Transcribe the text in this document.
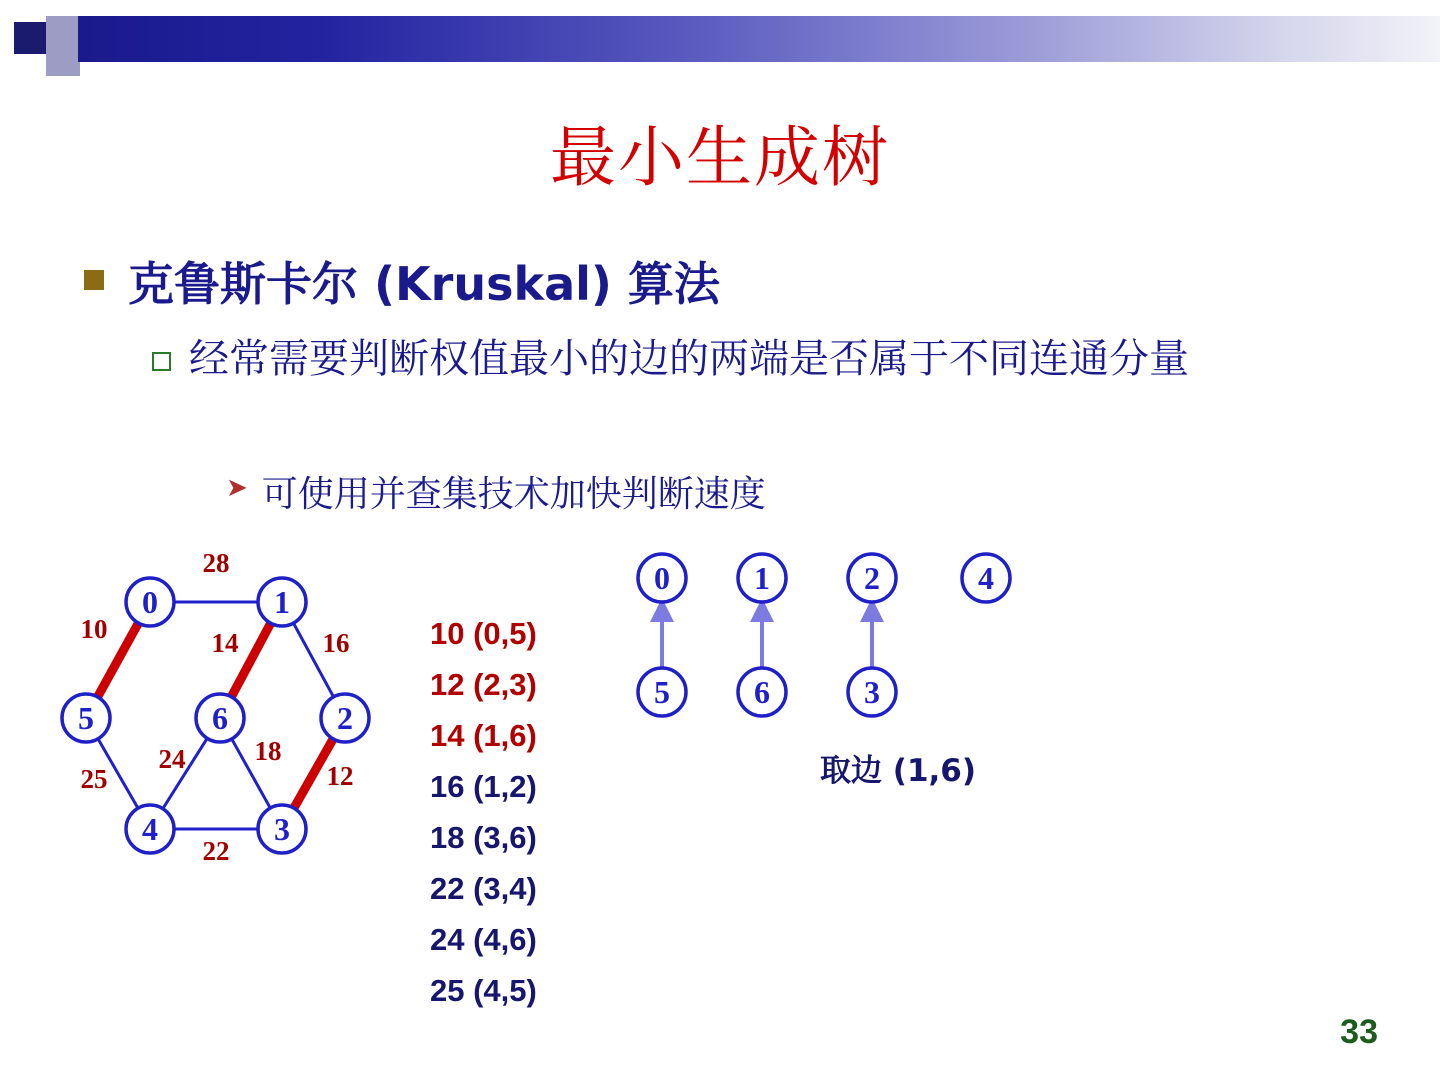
最小生成树
克鲁斯卡尔 (Kruskal) 算法
经常需要判断权值最小的边的两端是否属于不同连通分量
➤ 可使用并查集技术加快判断速度
28
10	14	16
12
18
22
24
25
0	1
2
3
4
5	6
10 (0,5)
12 (2,3)
14 (1,6)
16 (1,2)
18 (3,6)
22 (3,4)
24 (4,6)
25 (4,5)
0	1	2	4
5	6	3
取边 (1,6)
33
